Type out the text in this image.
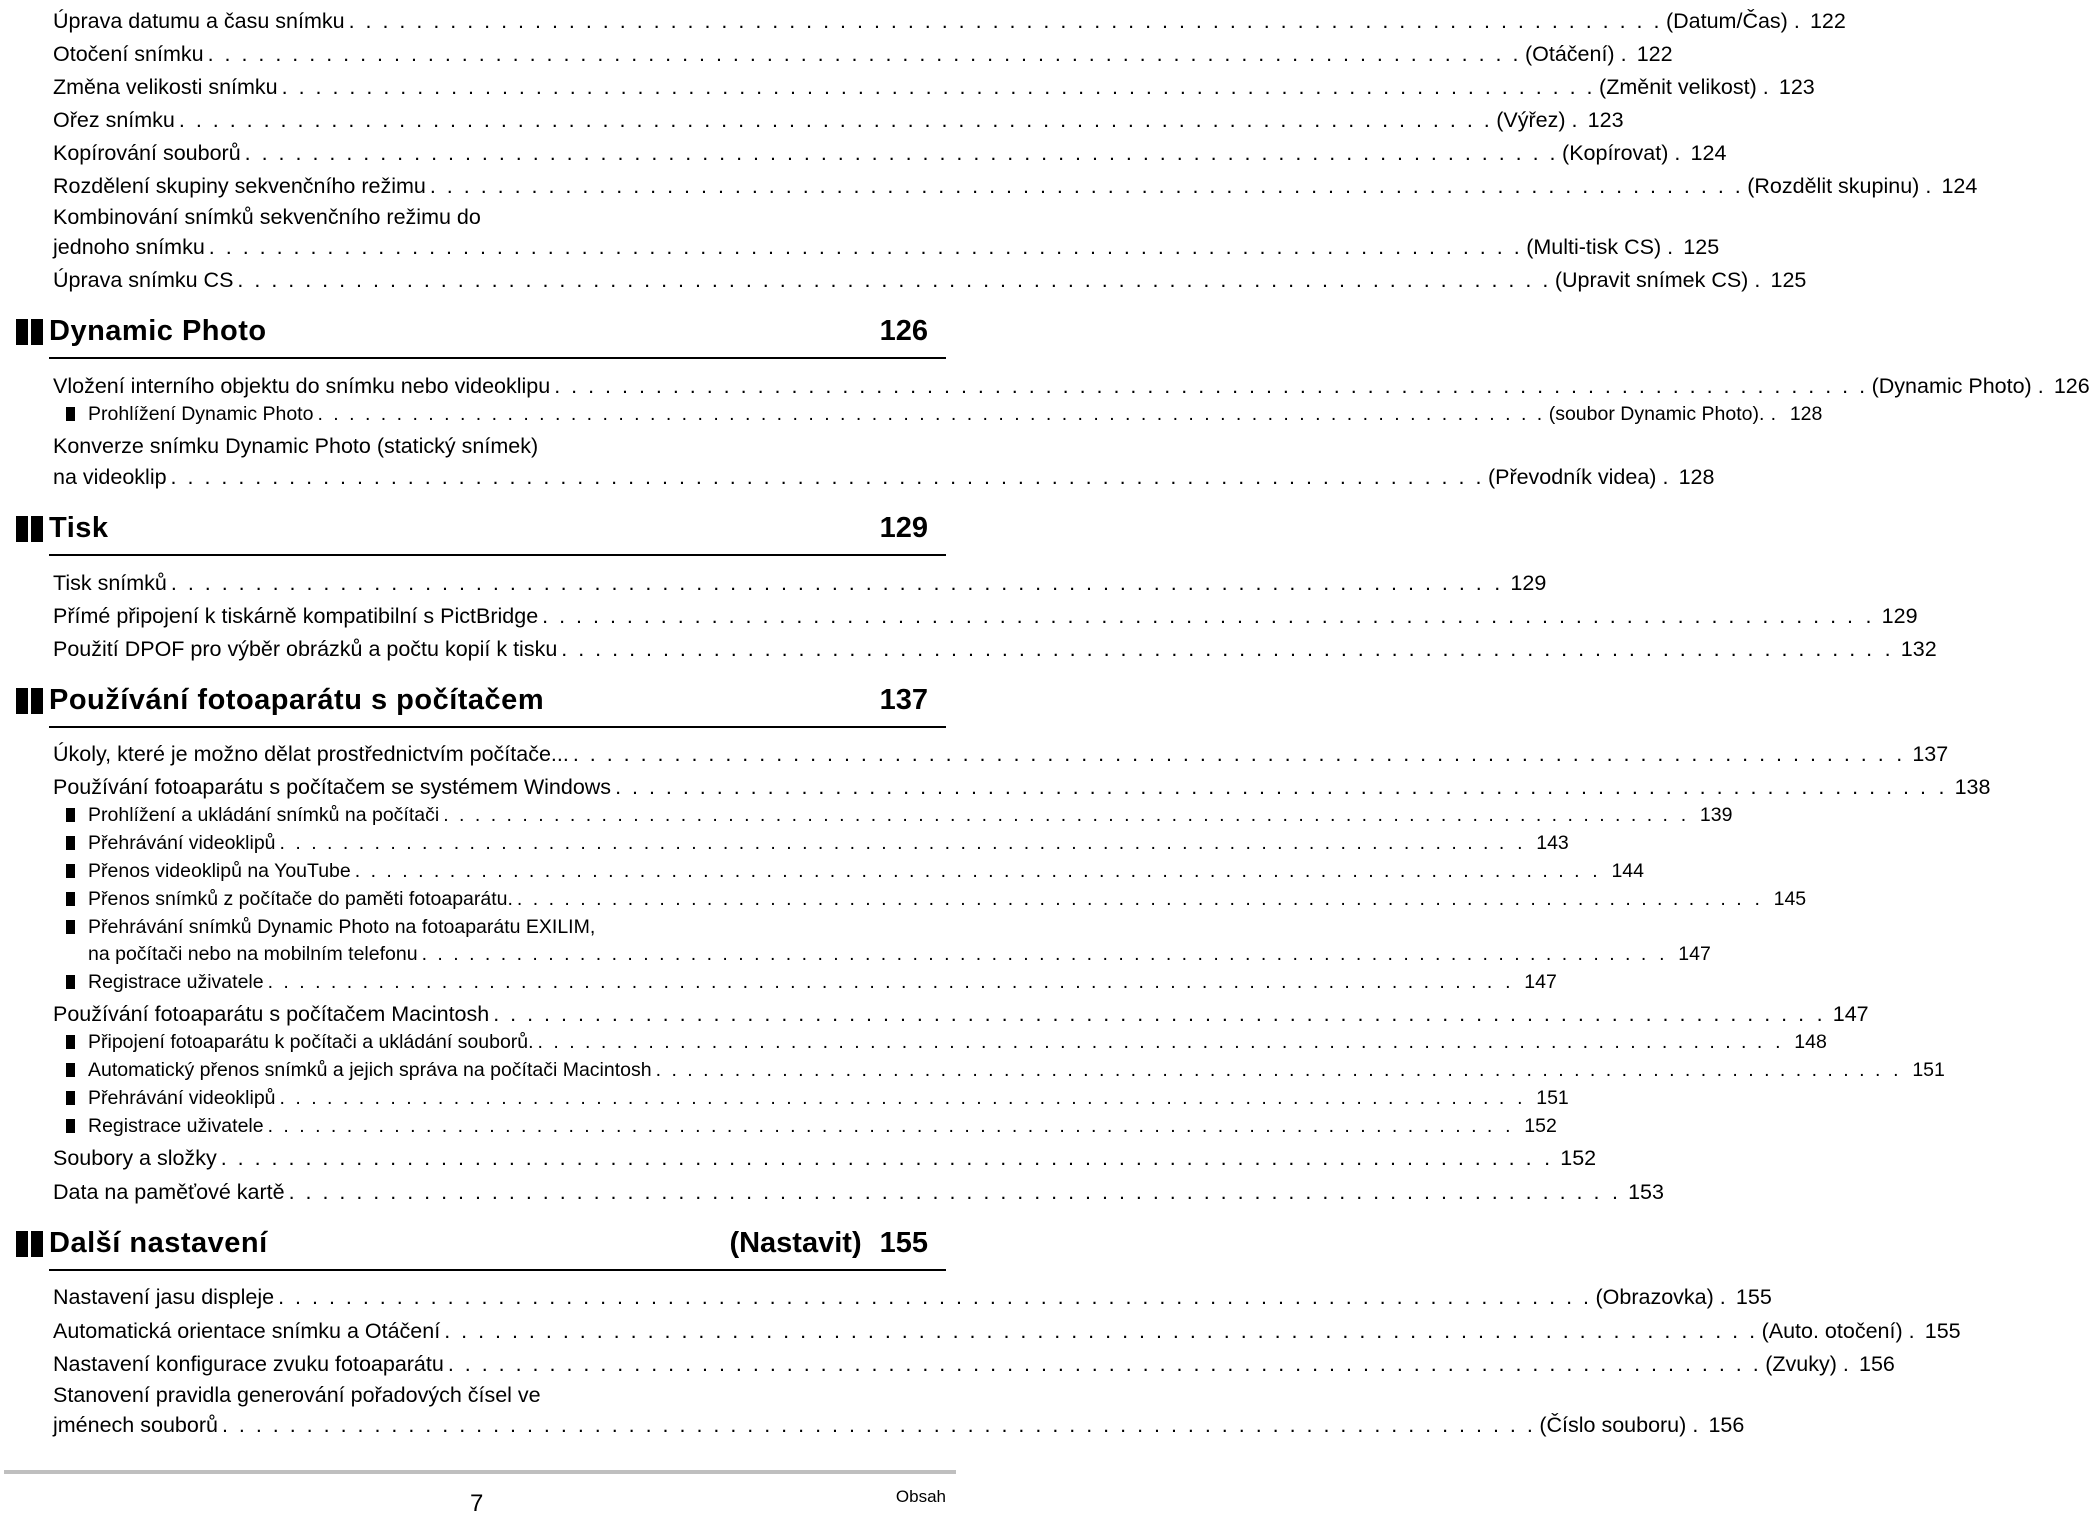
Úprava datumu a času snímku . . . . . . . . . . . . . . . . . . . . . . . . . . . . . . . . . . . . . . . . . . . . . . . . . . . . . . . . . . . . . . . . . . . . . . . . . . . . . . (Datum/Čas) . 122
Otočení snímku . . . . . . . . . . . . . . . . . . . . . . . . . . . . . . . . . . . . . . . . . . . . . . . . . . . . . . . . . . . . . . . . . . . . . . . . . . . . . . (Otáčení) . 122
Změna velikosti snímku . . . . . . . . . . . . . . . . . . . . . . . . . . . . . . . . . . . . . . . . . . . . . . . . . . . . . . . . . . . . . . . . . . . . . . . . . . . . . . (Změnit velikost) . 123
Ořez snímku . . . . . . . . . . . . . . . . . . . . . . . . . . . . . . . . . . . . . . . . . . . . . . . . . . . . . . . . . . . . . . . . . . . . . . . . . . . . . . (Výřez) . 123
Kopírování souborů . . . . . . . . . . . . . . . . . . . . . . . . . . . . . . . . . . . . . . . . . . . . . . . . . . . . . . . . . . . . . . . . . . . . . . . . . . . . . . (Kopírovat) . 124
Rozdělení skupiny sekvenčního režimu . . . . . . . . . . . . . . . . . . . . . . . . . . . . . . . . . . . . . . . . . . . . . . . . . . . . . . . . . . . . . . . . . . . . . . . . . . . . . . (Rozdělit skupinu) . 124
Kombinování snímků sekvenčního režimu do
jednoho snímku . . . . . . . . . . . . . . . . . . . . . . . . . . . . . . . . . . . . . . . . . . . . . . . . . . . . . . . . . . . . . . . . . . . . . . . . . . . . . . (Multi-tisk CS) . 125
Úprava snímku CS . . . . . . . . . . . . . . . . . . . . . . . . . . . . . . . . . . . . . . . . . . . . . . . . . . . . . . . . . . . . . . . . . . . . . . . . . . . . . . (Upravit snímek CS) . 125
Dynamic Photo	126
Vložení interního objektu do snímku nebo videoklipu . . . . . . . . . . . . . . . . . . . . . . . . . . . . . . . . . . . . . . . . . . . . . . . . . . . . . . . . . . . . . . . . . . . . . . . . . . . . . . (Dynamic Photo) . 126
Prohlížení Dynamic Photo . . . . . . . . . . . . . . . . . . . . . . . . . . . . . . . . . . . . . . . . . . . . . . . . . . . . . . . . . . . . . . . . . . . . . . . . . . . . . . (soubor Dynamic Photo). . 128
Konverze snímku Dynamic Photo (statický snímek)
na videoklip . . . . . . . . . . . . . . . . . . . . . . . . . . . . . . . . . . . . . . . . . . . . . . . . . . . . . . . . . . . . . . . . . . . . . . . . . . . . . . (Převodník videa) . 128
Tisk	129
Tisk snímků . . . . . . . . . . . . . . . . . . . . . . . . . . . . . . . . . . . . . . . . . . . . . . . . . . . . . . . . . . . . . . . . . . . . . . . . . . . . . . . 129
Přímé připojení k tiskárně kompatibilní s PictBridge . . . . . . . . . . . . . . . . . . . . . . . . . . . . . . . . . . . . . . . . . . . . . . . . . . . . . . . . . . . . . . . . . . . . . . . . . . . . . . . 129
Použití DPOF pro výběr obrázků a počtu kopií k tisku . . . . . . . . . . . . . . . . . . . . . . . . . . . . . . . . . . . . . . . . . . . . . . . . . . . . . . . . . . . . . . . . . . . . . . . . . . . . . . . 132
Používání fotoaparátu s počítačem	137
Úkoly, které je možno dělat prostřednictvím počítače... . . . . . . . . . . . . . . . . . . . . . . . . . . . . . . . . . . . . . . . . . . . . . . . . . . . . . . . . . . . . . . . . . . . . . . . . . . . . . . . 137
Používání fotoaparátu s počítačem se systémem Windows . . . . . . . . . . . . . . . . . . . . . . . . . . . . . . . . . . . . . . . . . . . . . . . . . . . . . . . . . . . . . . . . . . . . . . . . . . . . . . . 138
Prohlížení a ukládání snímků na počítači . . . . . . . . . . . . . . . . . . . . . . . . . . . . . . . . . . . . . . . . . . . . . . . . . . . . . . . . . . . . . . . . . . . . . . . . . . . . . . . 139
Přehrávání videoklipů . . . . . . . . . . . . . . . . . . . . . . . . . . . . . . . . . . . . . . . . . . . . . . . . . . . . . . . . . . . . . . . . . . . . . . . . . . . . . . . 143
Přenos videoklipů na YouTube . . . . . . . . . . . . . . . . . . . . . . . . . . . . . . . . . . . . . . . . . . . . . . . . . . . . . . . . . . . . . . . . . . . . . . . . . . . . . . . 144
Přenos snímků z počítače do paměti fotoaparátu. . . . . . . . . . . . . . . . . . . . . . . . . . . . . . . . . . . . . . . . . . . . . . . . . . . . . . . . . . . . . . . . . . . . . . . . . . . . . . . . 145
Přehrávání snímků Dynamic Photo na fotoaparátu EXILIM,
na počítači nebo na mobilním telefonu . . . . . . . . . . . . . . . . . . . . . . . . . . . . . . . . . . . . . . . . . . . . . . . . . . . . . . . . . . . . . . . . . . . . . . . . . . . . . . . 147
Registrace uživatele . . . . . . . . . . . . . . . . . . . . . . . . . . . . . . . . . . . . . . . . . . . . . . . . . . . . . . . . . . . . . . . . . . . . . . . . . . . . . . . 147
Používání fotoaparátu s počítačem Macintosh . . . . . . . . . . . . . . . . . . . . . . . . . . . . . . . . . . . . . . . . . . . . . . . . . . . . . . . . . . . . . . . . . . . . . . . . . . . . . . . 147
Připojení fotoaparátu k počítači a ukládání souborů. . . . . . . . . . . . . . . . . . . . . . . . . . . . . . . . . . . . . . . . . . . . . . . . . . . . . . . . . . . . . . . . . . . . . . . . . . . . . . . . 148
Automatický přenos snímků a jejich správa na počítači Macintosh . . . . . . . . . . . . . . . . . . . . . . . . . . . . . . . . . . . . . . . . . . . . . . . . . . . . . . . . . . . . . . . . . . . . . . . . . . . . . . . 151
Přehrávání videoklipů . . . . . . . . . . . . . . . . . . . . . . . . . . . . . . . . . . . . . . . . . . . . . . . . . . . . . . . . . . . . . . . . . . . . . . . . . . . . . . . 151
Registrace uživatele . . . . . . . . . . . . . . . . . . . . . . . . . . . . . . . . . . . . . . . . . . . . . . . . . . . . . . . . . . . . . . . . . . . . . . . . . . . . . . . 152
Soubory a složky . . . . . . . . . . . . . . . . . . . . . . . . . . . . . . . . . . . . . . . . . . . . . . . . . . . . . . . . . . . . . . . . . . . . . . . . . . . . . . . 152
Data na paměťové kartě . . . . . . . . . . . . . . . . . . . . . . . . . . . . . . . . . . . . . . . . . . . . . . . . . . . . . . . . . . . . . . . . . . . . . . . . . . . . . . . 153
Další nastavení	(Nastavit) 155
Nastavení jasu displeje . . . . . . . . . . . . . . . . . . . . . . . . . . . . . . . . . . . . . . . . . . . . . . . . . . . . . . . . . . . . . . . . . . . . . . . . . . . . . . (Obrazovka) . 155
Automatická orientace snímku a Otáčení . . . . . . . . . . . . . . . . . . . . . . . . . . . . . . . . . . . . . . . . . . . . . . . . . . . . . . . . . . . . . . . . . . . . . . . . . . . . . . (Auto. otočení) . 155
Nastavení konfigurace zvuku fotoaparátu . . . . . . . . . . . . . . . . . . . . . . . . . . . . . . . . . . . . . . . . . . . . . . . . . . . . . . . . . . . . . . . . . . . . . . . . . . . . . . (Zvuky) . 156
Stanovení pravidla generování pořadových čísel ve
jménech souborů . . . . . . . . . . . . . . . . . . . . . . . . . . . . . . . . . . . . . . . . . . . . . . . . . . . . . . . . . . . . . . . . . . . . . . . . . . . . . . (Číslo souboru) . 156
7	Obsah
